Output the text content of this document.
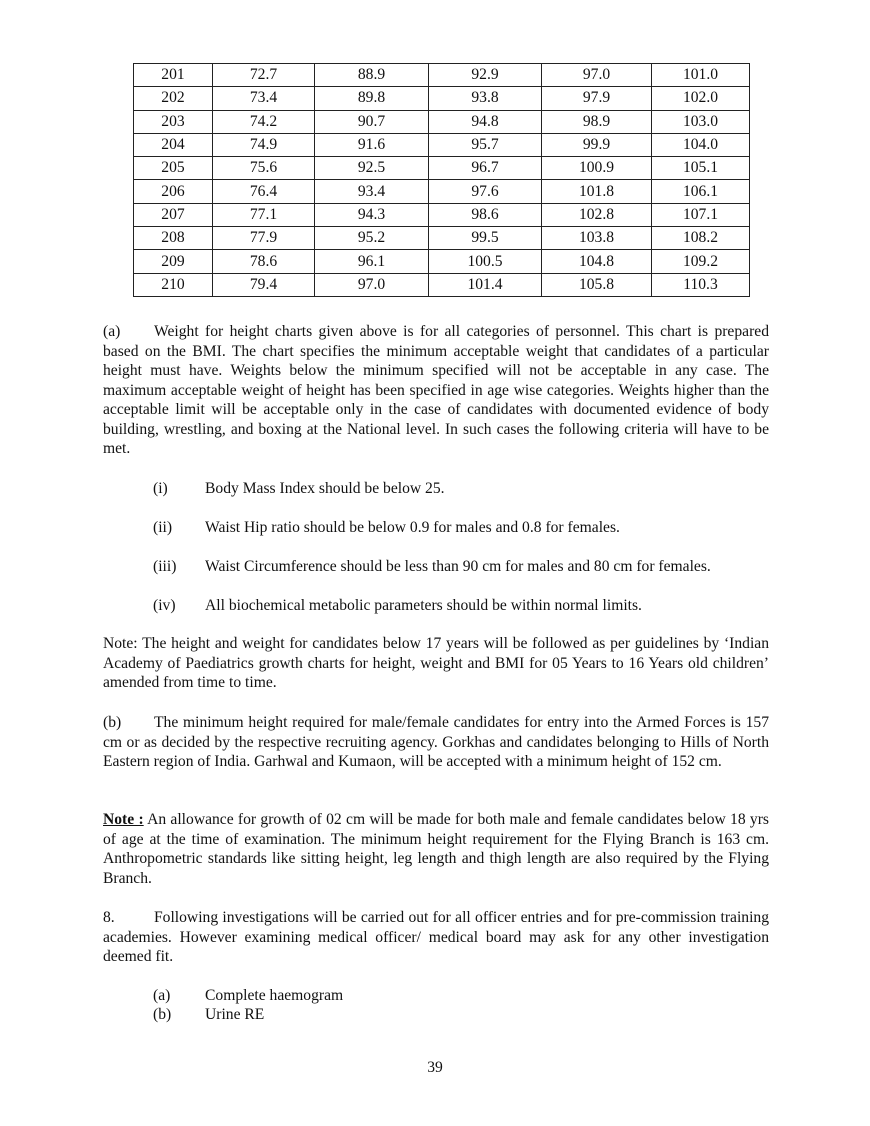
201	72.7	88.9	92.9	97.0	101.0
202	73.4	89.8	93.8	97.9	102.0
203	74.2	90.7	94.8	98.9	103.0
204	74.9	91.6	95.7	99.9	104.0
205	75.6	92.5	96.7	100.9	105.1
206	76.4	93.4	97.6	101.8	106.1
207	77.1	94.3	98.6	102.8	107.1
208	77.9	95.2	99.5	103.8	108.2
209	78.6	96.1	100.5	104.8	109.2
210	79.4	97.0	101.4	105.8	110.3

(a) Weight for height charts given above is for all categories of personnel. This chart is prepared based on the BMI. The chart specifies the minimum acceptable weight that candidates of a particular height must have. Weights below the minimum specified will not be acceptable in any case. The maximum acceptable weight of height has been specified in age wise categories. Weights higher than the acceptable limit will be acceptable only in the case of candidates with documented evidence of body building, wrestling, and boxing at the National level. In such cases the following criteria will have to be met.

(i) Body Mass Index should be below 25.

(ii) Waist Hip ratio should be below 0.9 for males and 0.8 for females.

(iii) Waist Circumference should be less than 90 cm for males and 80 cm for females.

(iv) All biochemical metabolic parameters should be within normal limits.

Note: The height and weight for candidates below 17 years will be followed as per guidelines by ‘Indian Academy of Paediatrics growth charts for height, weight and BMI for 05 Years to 16 Years old children’ amended from time to time.

(b) The minimum height required for male/female candidates for entry into the Armed Forces is 157 cm or as decided by the respective recruiting agency. Gorkhas and candidates belonging to Hills of North Eastern region of India. Garhwal and Kumaon, will be accepted with a minimum height of 152 cm.

Note : An allowance for growth of 02 cm will be made for both male and female candidates below 18 yrs of age at the time of examination. The minimum height requirement for the Flying Branch is 163 cm. Anthropometric standards like sitting height, leg length and thigh length are also required by the Flying Branch.

8.	Following investigations will be carried out for all officer entries and for pre-commission training academies. However examining medical officer/ medical board may ask for any other investigation deemed fit.

(a) Complete haemogram

(b) Urine RE

39
